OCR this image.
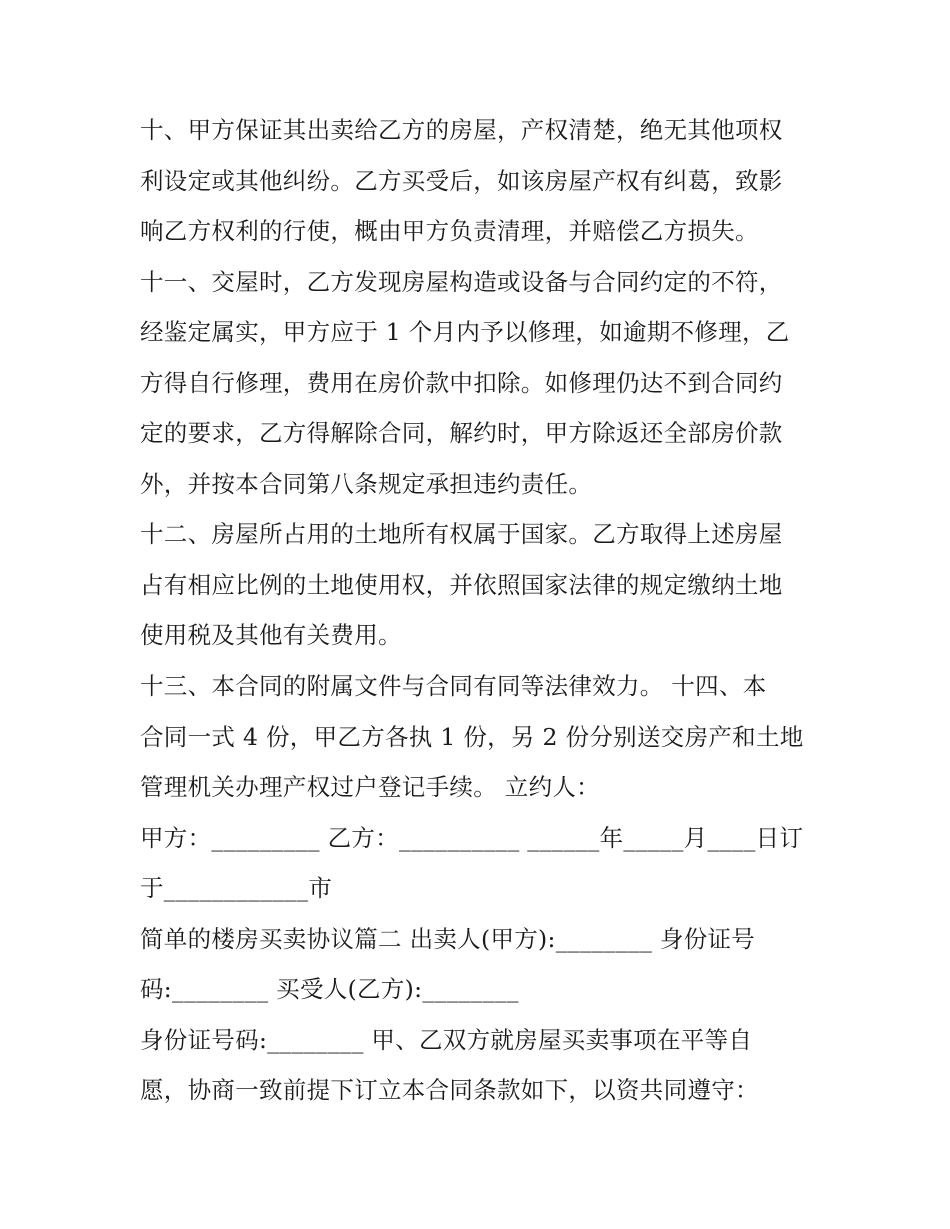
十、甲方保证其出卖给乙方的房屋，产权清楚，绝无其他项权

利设定或其他纠纷。乙方买受后，如该房屋产权有纠葛，致影

响乙方权利的行使，概由甲方负责清理，并赔偿乙方损失。

十一、交屋时，乙方发现房屋构造或设备与合同约定的不符，

经鉴定属实，甲方应于 1 个月内予以修理，如逾期不修理，乙

方得自行修理，费用在房价款中扣除。如修理仍达不到合同约

定的要求，乙方得解除合同，解约时，甲方除返还全部房价款

外，并按本合同第八条规定承担违约责任。

十二、房屋所占用的土地所有权属于国家。乙方取得上述房屋

占有相应比例的土地使用权，并依照国家法律的规定缴纳土地

使用税及其他有关费用。

十三、本合同的附属文件与合同有同等法律效力。 十四、本

合同一式 4 份，甲乙方各执 1 份，另 2 份分别送交房产和土地

管理机关办理产权过户登记手续。 立约人：

甲方：_________ 乙方：__________ ______年_____月____日订

于____________市

简单的楼房买卖协议篇二 出卖人(甲方):________ 身份证号

码:________ 买受人(乙方):________

身份证号码:________ 甲、乙双方就房屋买卖事项在平等自

愿，协商一致前提下订立本合同条款如下，以资共同遵守：
